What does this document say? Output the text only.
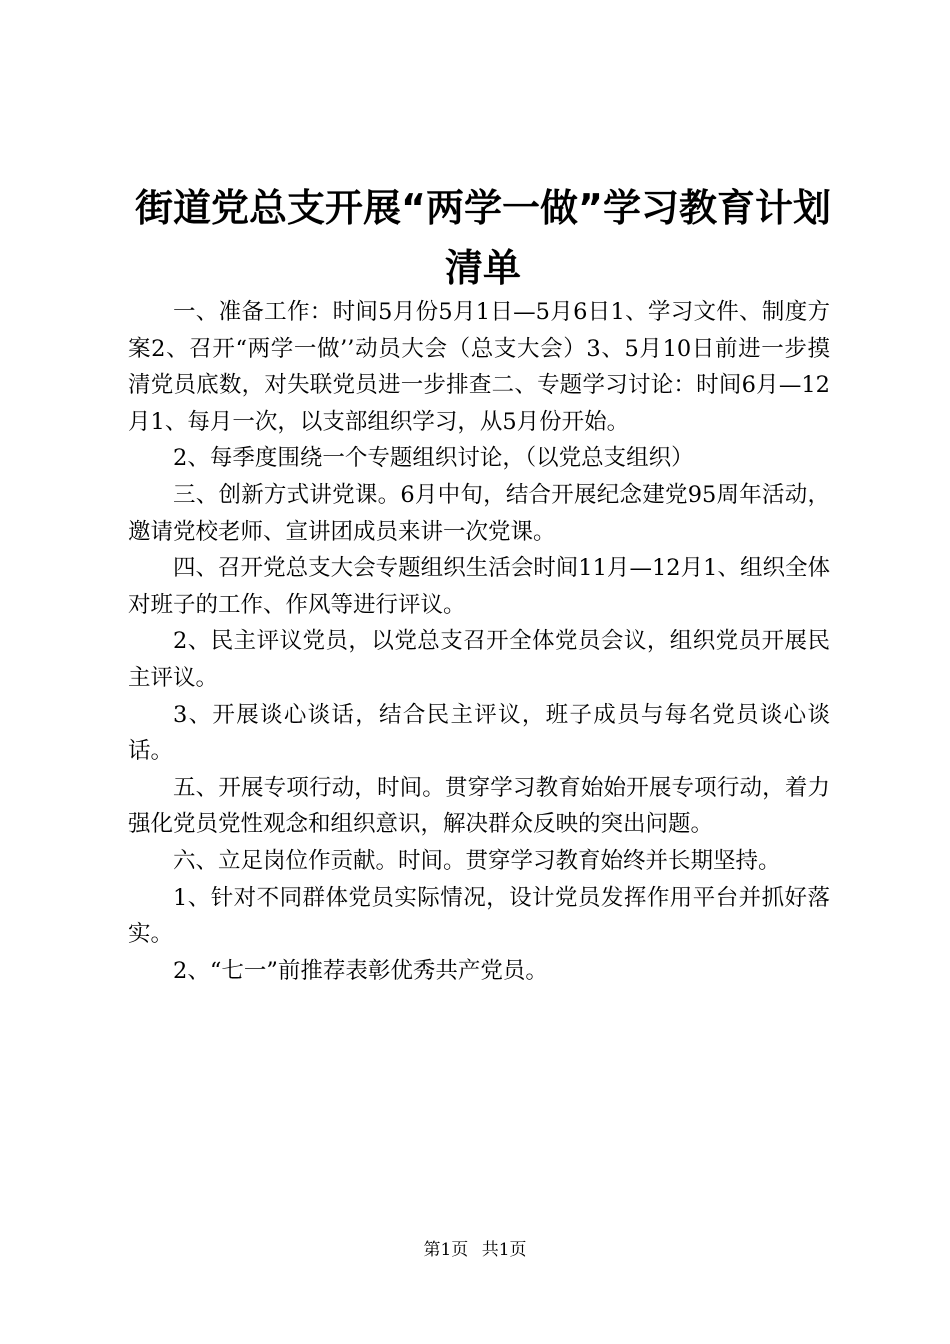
街道党总支开展“两学一做”学习教育计划清单

一、准备工作：时间5月份5月1日—5月6日1、学习文件、制度方案2、召开“两学一做’’动员大会（总支大会）3、5月10日前进一步摸清党员底数，对失联党员进一步排查二、专题学习讨论：时间6月—12月1、每月一次，以支部组织学习，从5月份开始。

2、每季度围绕一个专题组织讨论，（以党总支组织）

三、创新方式讲党课。6月中旬，结合开展纪念建党95周年活动，邀请党校老师、宣讲团成员来讲一次党课。

四、召开党总支大会专题组织生活会时间11月—12月1、组织全体对班子的工作、作风等进行评议。

2、民主评议党员，以党总支召开全体党员会议，组织党员开展民主评议。

3、开展谈心谈话，结合民主评议，班子成员与每名党员谈心谈话。

五、开展专项行动，时间。贯穿学习教育始始开展专项行动，着力强化党员党性观念和组织意识，解决群众反映的突出问题。

六、立足岗位作贡献。时间。贯穿学习教育始终并长期坚持。

1、针对不同群体党员实际情况，设计党员发挥作用平台并抓好落实。

2、“七一”前推荐表彰优秀共产党员。

第1页 共1页
